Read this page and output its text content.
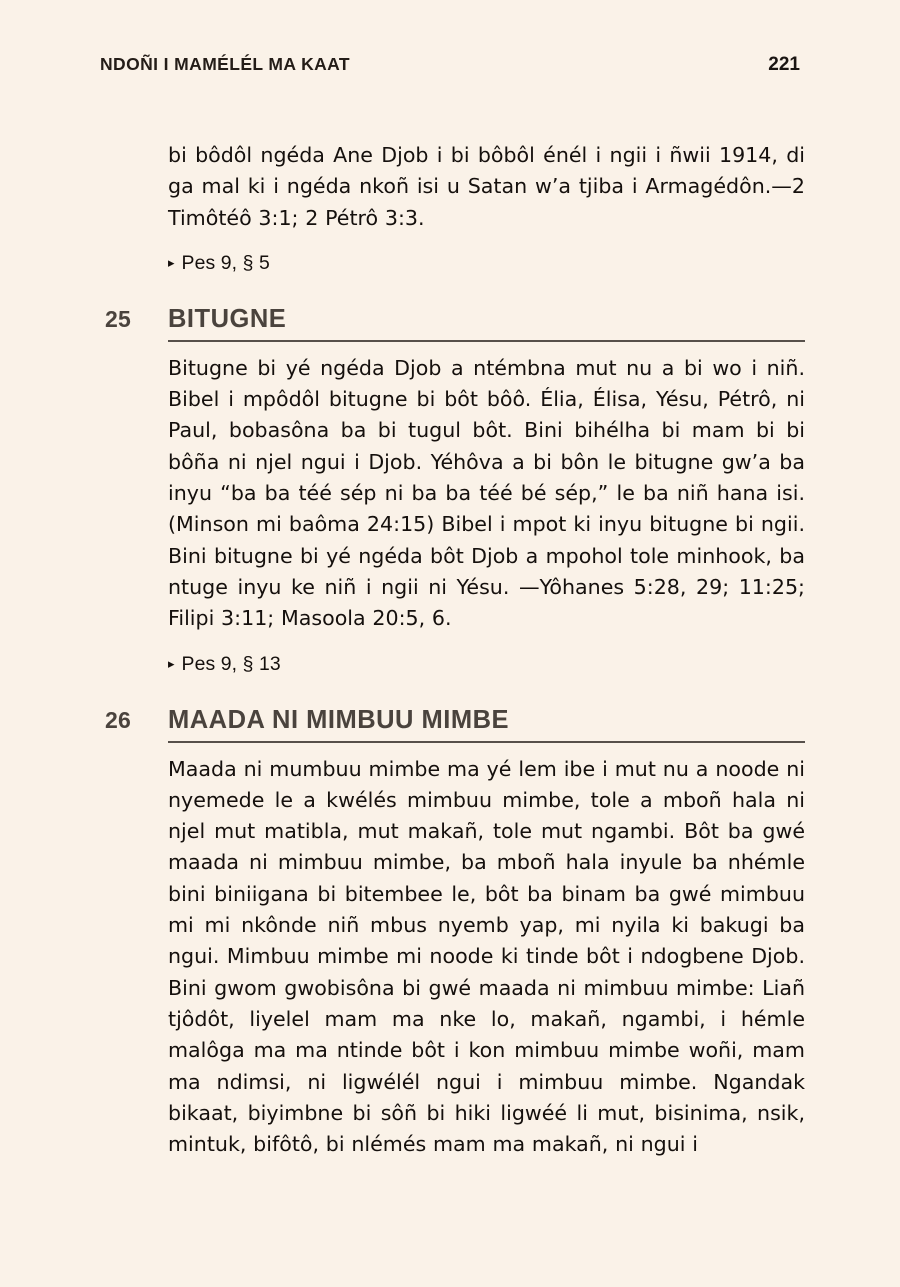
NDOÑI I MAMÉLÉL MA KAAT	221

bi bôdôl ngéda Ane Djob i bi bôbôl énél i ngii i ñwii 1914, di ga mal ki i ngéda nkoñ isi u Satan w’a tjiba i Armagédôn.—2 Timôtéô 3:1; 2 Pétrô 3:3.

▸ Pes 9, § 5
25	BITUGNE

Bitugne bi yé ngéda Djob a ntémbna mut nu a bi wo i niñ. Bibel i mpôdôl bitugne bi bôt bôô. Élia, Élisa, Yésu, Pétrô, ni Paul, bobasôna ba bi tugul bôt. Bini bihélha bi mam bi bi bôña ni njel ngui i Djob. Yéhôva a bi bôn le bitugne gw’a ba inyu “ba ba téé sép ni ba ba téé bé sép,” le ba niñ hana isi. (Minson mi baôma 24:15) Bibel i mpot ki inyu bitugne bi ngii. Bini bitugne bi yé ngéda bôt Djob a mpohol tole minhook, ba ntuge inyu ke niñ i ngii ni Yésu. —Yôhanes 5:28, 29; 11:25; Filipi 3:11; Masoola 20:5, 6.

▸ Pes 9, § 13
26	MAADA NI MIMBUU MIMBE

Maada ni mumbuu mimbe ma yé lem ibe i mut nu a noode ni nyemede le a kwélés mimbuu mimbe, tole a mboñ hala ni njel mut matibla, mut makañ, tole mut ngambi. Bôt ba gwé maada ni mimbuu mimbe, ba mboñ hala inyule ba nhémle bini biniigana bi bitembee le, bôt ba binam ba gwé mimbuu mi mi nkônde niñ mbus nyemb yap, mi nyila ki bakugi ba ngui. Mimbuu mimbe mi noode ki tinde bôt i ndogbene Djob. Bini gwom gwobisôna bi gwé maada ni mimbuu mimbe: Liañ tjôdôt, liyelel mam ma nke lo, makañ, ngambi, i hémle malôga ma ma ntinde bôt i kon mimbuu mimbe woñi, mam ma ndimsi, ni ligwélél ngui i mimbuu mimbe. Ngandak bikaat, biyimbne bi sôñ bi hiki ligwéé li mut, bisinima, nsik, mintuk, bifôtô, bi nlémés mam ma makañ, ni ngui i
